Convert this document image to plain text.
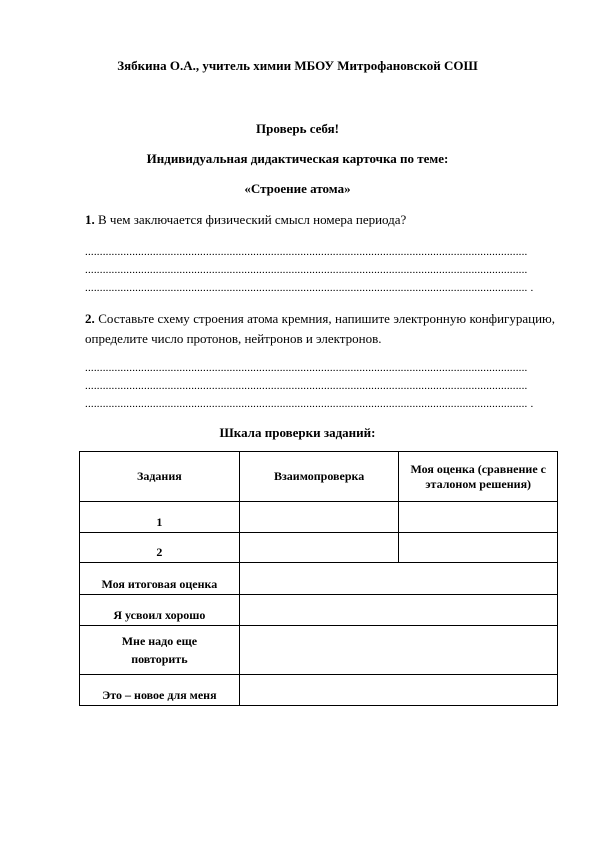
Зябкина О.А., учитель химии МБОУ Митрофановской СОШ
Проверь себя!
Индивидуальная дидактическая карточка по теме:
«Строение атома»
1. В чем заключается физический смысл номера периода?
......................................................................................................................................................
......................................................................................................................................................
...................................................................................................................................................... .
2. Составьте схему строения атома кремния, напишите электронную конфигурацию, определите число протонов, нейтронов и электронов.
......................................................................................................................................................
......................................................................................................................................................
...................................................................................................................................................... .
Шкала проверки заданий:
Задания	Взаимопроверка	Моя оценка (сравнение с эталоном решения)
1		
2		
Моя итоговая оценка		
Я усвоил хорошо		
Мне надо еще повторить		
Это – новое для меня		
